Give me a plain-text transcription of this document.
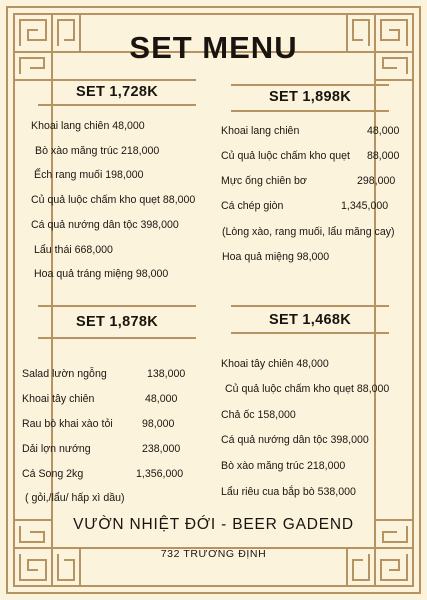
SET MENU
SET 1,728K
Khoai lang chiên 48,000
Bò xào măng trúc 218,000
Ếch rang muối 198,000
Củ quả luộc chấm kho quẹt 88,000
Cá quả nướng dân tộc 398,000
Lẩu thái 668,000
Hoa quả tráng miệng 98,000
SET 1,898K
Khoai lang chiên	48,000
Củ quả luộc chấm kho quẹt 88,000
Mực ống chiên bơ	298,000
Cá chép giòn	1,345,000
(Lòng xào, rang muối, lẩu măng cay)
Hoa quả miệng 98,000
SET 1,878K
Salad lườn ngỗng	138,000
Khoai tây chiên	48,000
Rau bò khai xào tỏi	98,000
Dải lợn nướng	238,000
Cá Song 2kg	1,356,000
( gỏi,/lẩu/ hấp xì dầu)
SET 1,468K
Khoai tây chiên 48,000
Củ quả luộc chấm kho quẹt 88,000
Chả ốc 158,000
Cá quả nướng dân tộc 398,000
Bò xào măng trúc 218,000
Lẩu riêu cua bắp bò 538,000
VƯỜN NHIỆT ĐỚI - BEER GADEND
732 TRƯƠNG ĐỊNH
